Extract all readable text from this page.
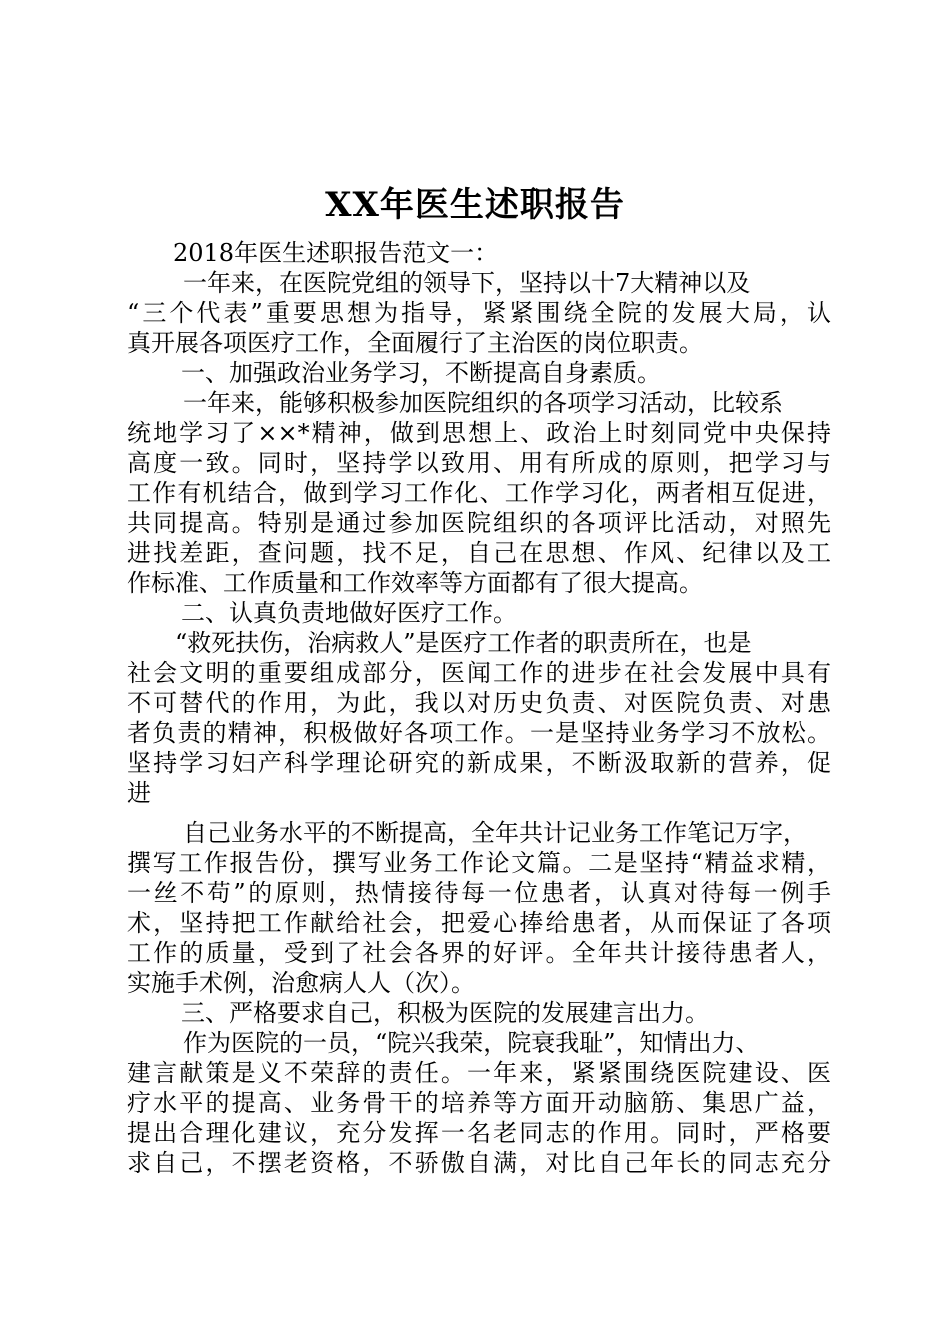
XX年医生述职报告
2018年医生述职报告范文一：
一年来，在医院党组的领导下，坚持以十7大精神以及
“三个代表”重要思想为指导，紧紧围绕全院的发展大局，认
真开展各项医疗工作，全面履行了主治医的岗位职责。
一、加强政治业务学习，不断提高自身素质。
一年来，能够积极参加医院组织的各项学习活动，比较系
统地学习了××*精神，做到思想上、政治上时刻同党中央保持
高度一致。同时，坚持学以致用、用有所成的原则，把学习与
工作有机结合，做到学习工作化、工作学习化，两者相互促进，
共同提高。特别是通过参加医院组织的各项评比活动，对照先
进找差距，查问题，找不足，自己在思想、作风、纪律以及工
作标准、工作质量和工作效率等方面都有了很大提高。
二、认真负责地做好医疗工作。
“救死扶伤，治病救人”是医疗工作者的职责所在，也是
社会文明的重要组成部分，医闻工作的进步在社会发展中具有
不可替代的作用，为此，我以对历史负责、对医院负责、对患
者负责的精神，积极做好各项工作。一是坚持业务学习不放松。
坚持学习妇产科学理论研究的新成果，不断汲取新的营养，促
进
自己业务水平的不断提高，全年共计记业务工作笔记万字，
撰写工作报告份，撰写业务工作论文篇。二是坚持“精益求精，
一丝不苟”的原则，热情接待每一位患者，认真对待每一例手
术，坚持把工作献给社会，把爱心捧给患者，从而保证了各项
工作的质量，受到了社会各界的好评。全年共计接待患者人，
实施手术例，治愈病人人（次）。
三、严格要求自己，积极为医院的发展建言出力。
作为医院的一员，“院兴我荣，院衰我耻”，知情出力、
建言献策是义不荣辞的责任。一年来，紧紧围绕医院建设、医
疗水平的提高、业务骨干的培养等方面开动脑筋、集思广益，
提出合理化建议，充分发挥一名老同志的作用。同时，严格要
求自己，不摆老资格，不骄傲自满，对比自己年长的同志充分
